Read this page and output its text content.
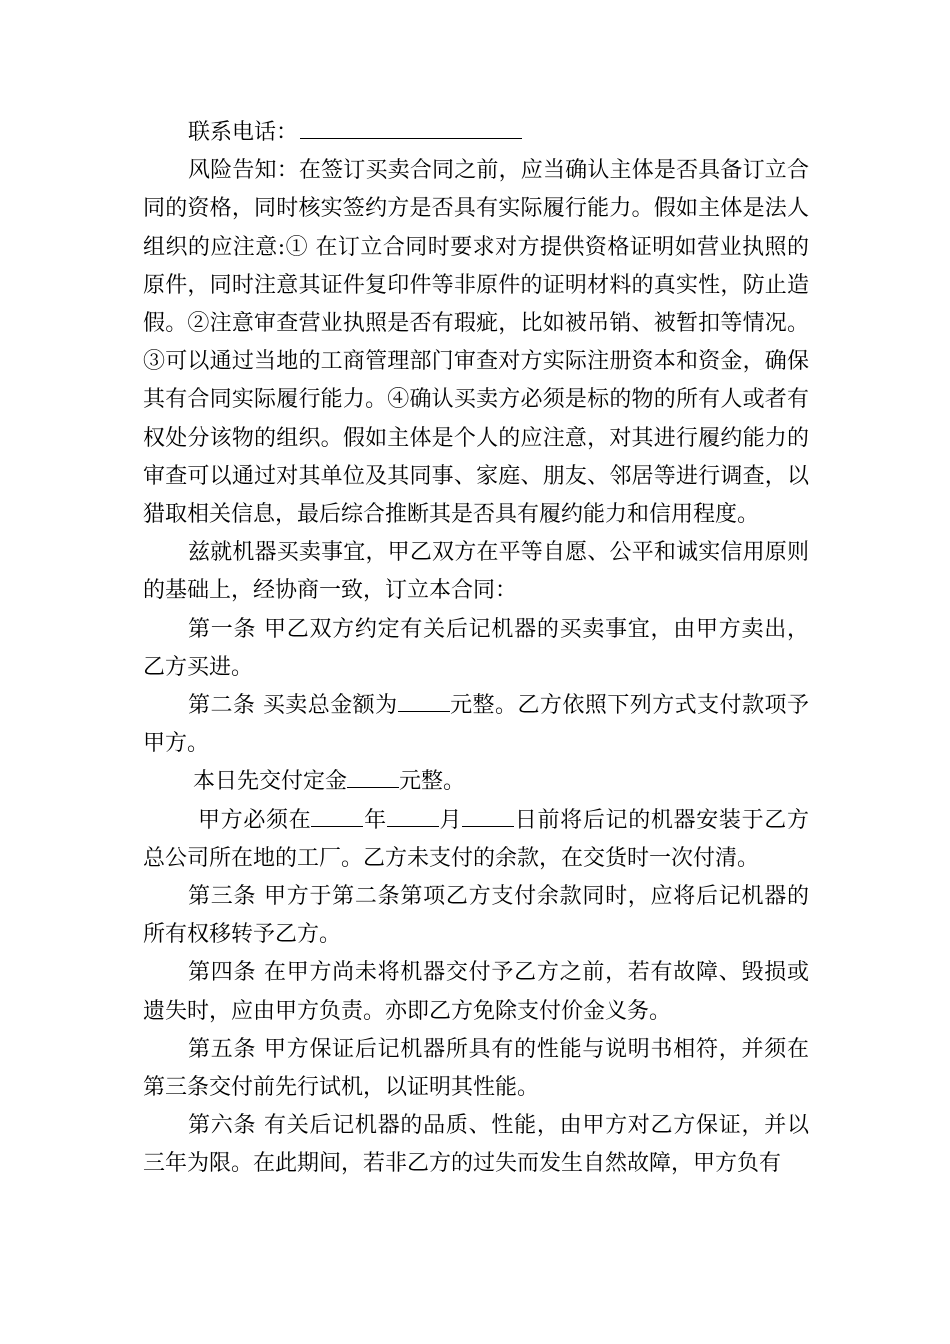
联系电话：

风险告知：在签订买卖合同之前，应当确认主体是否具备订立合同的资格，同时核实签约方是否具有实际履行能力。假如主体是法人组织的应注意:① 在订立合同时要求对方提供资格证明如营业执照的原件，同时注意其证件复印件等非原件的证明材料的真实性，防止造假。②注意审查营业执照是否有瑕疵，比如被吊销、被暂扣等情况。③可以通过当地的工商管理部门审查对方实际注册资本和资金，确保其有合同实际履行能力。④确认买卖方必须是标的物的所有人或者有权处分该物的组织。假如主体是个人的应注意，对其进行履约能力的审查可以通过对其单位及其同事、家庭、朋友、邻居等进行调查，以猎取相关信息，最后综合推断其是否具有履约能力和信用程度。

兹就机器买卖事宜，甲乙双方在平等自愿、公平和诚实信用原则的基础上，经协商一致，订立本合同：

第一条 甲乙双方约定有关后记机器的买卖事宜，由甲方卖出，乙方买进。

第二条 买卖总金额为 元整。乙方依照下列方式支付款项予甲方。

本日先交付定金 元整。

甲方必须在 年 月 日前将后记的机器安装于乙方总公司所在地的工厂。乙方未支付的余款，在交货时一次付清。

第三条 甲方于第二条第项乙方支付余款同时，应将后记机器的所有权移转予乙方。

第四条 在甲方尚未将机器交付予乙方之前，若有故障、毁损或遗失时，应由甲方负责。亦即乙方免除支付价金义务。

第五条 甲方保证后记机器所具有的性能与说明书相符，并须在第三条交付前先行试机，以证明其性能。

第六条 有关后记机器的品质、性能，由甲方对乙方保证，并以三年为限。在此期间，若非乙方的过失而发生自然故障，甲方负有
